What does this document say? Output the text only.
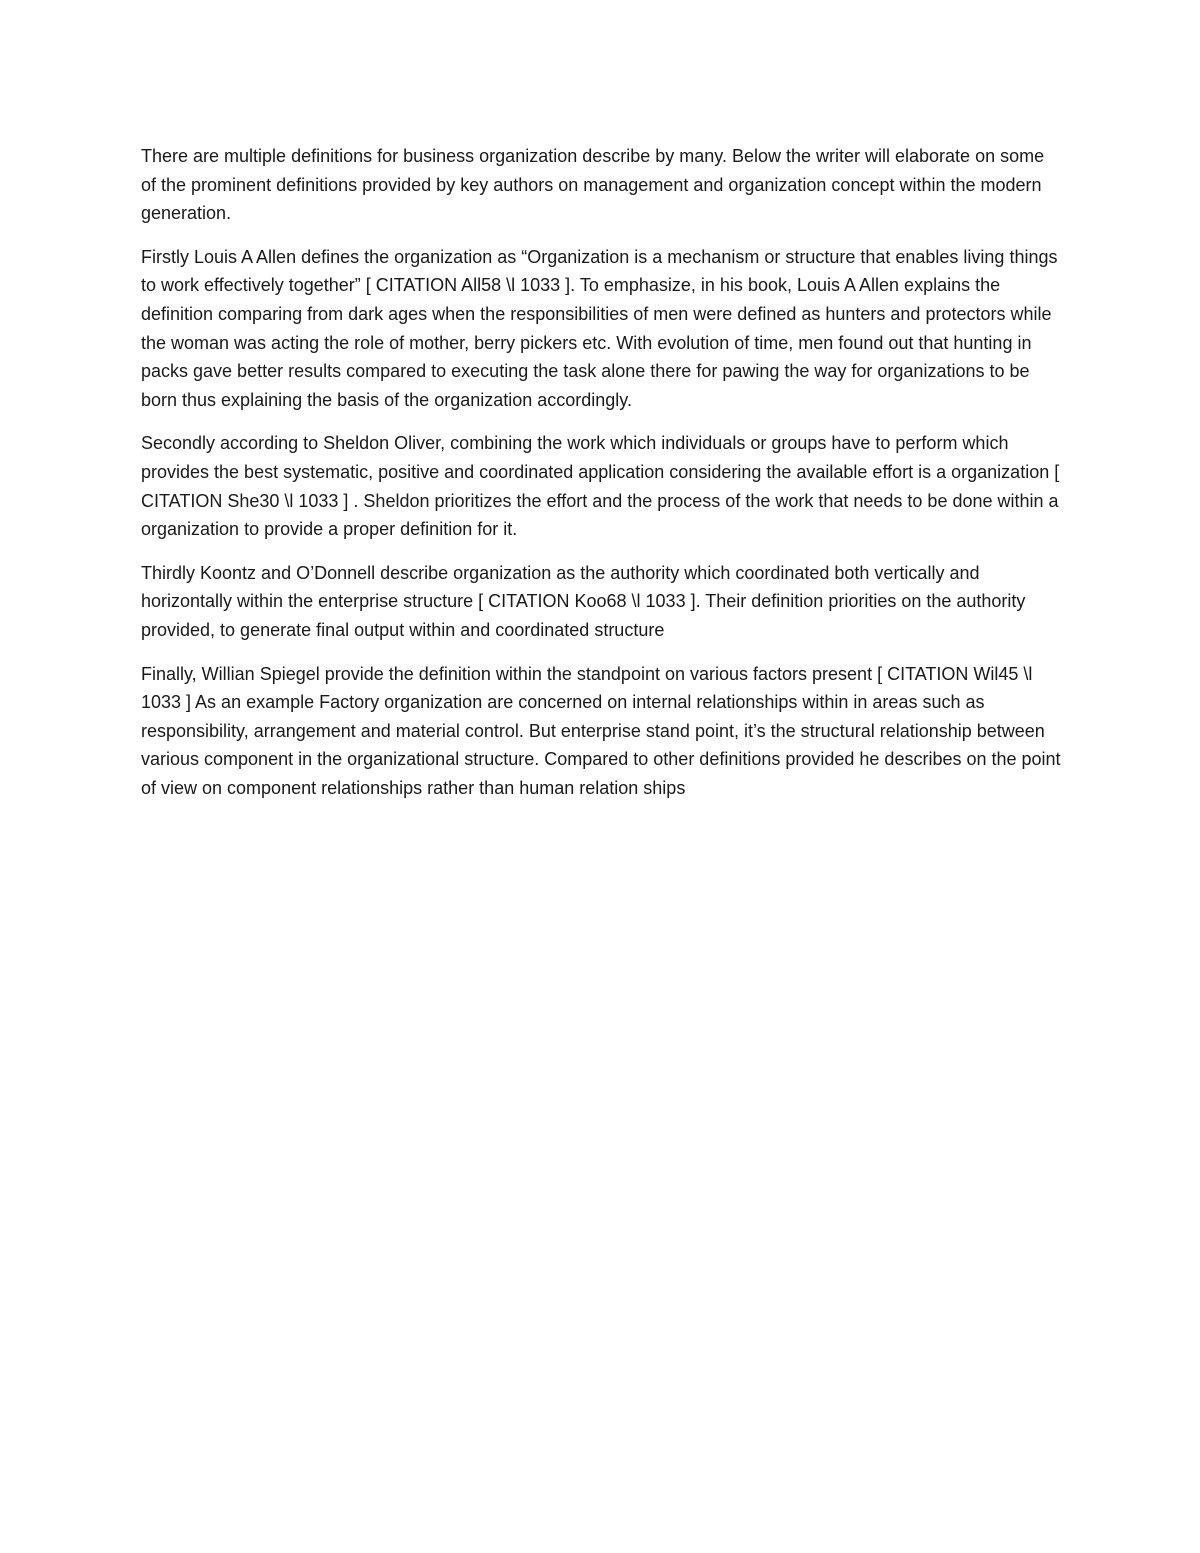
There are multiple definitions for business organization describe by many. Below the writer will elaborate on some of the prominent definitions provided by key authors on management and organization concept within the modern generation.

Firstly Louis A Allen defines the organization as “Organization is a mechanism or structure that enables living things to work effectively together” [ CITATION All58 \l 1033 ]. To emphasize, in his book, Louis A Allen explains the definition comparing from dark ages when the responsibilities of men were defined as hunters and protectors while the woman was acting the role of mother, berry pickers etc. With evolution of time, men found out that hunting in packs gave better results compared to executing the task alone there for pawing the way for organizations to be born thus explaining the basis of the organization accordingly.

Secondly according to Sheldon Oliver, combining the work which individuals or groups have to perform which provides the best systematic, positive and coordinated application considering the available effort is a organization [ CITATION She30 \l 1033 ] . Sheldon prioritizes the effort and the process of the work that needs to be done within a organization to provide a proper definition for it.

Thirdly Koontz and O’Donnell describe organization as the authority which coordinated both vertically and horizontally within the enterprise structure [ CITATION Koo68 \l 1033 ]. Their definition priorities on the authority provided, to generate final output within and coordinated structure

Finally, Willian Spiegel provide the definition within the standpoint on various factors present [ CITATION Wil45 \l 1033 ] As an example Factory organization are concerned on internal relationships within in areas such as responsibility, arrangement and material control. But enterprise stand point, it’s the structural relationship between various component in the organizational structure. Compared to other definitions provided he describes on the point of view on component relationships rather than human relation ships
